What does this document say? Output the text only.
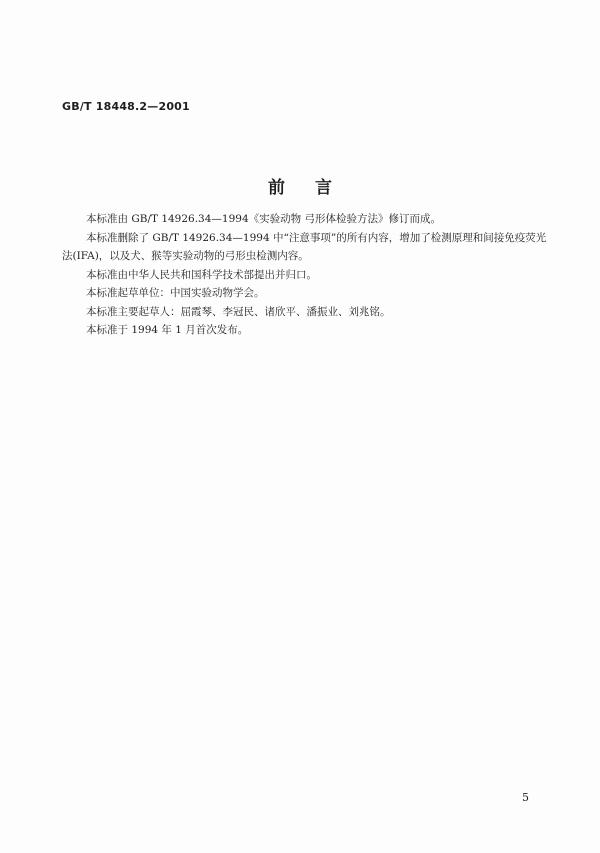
GB/T 18448.2—2001
前言

本标准由 GB/T 14926.34—1994《实验动物 弓形体检验方法》修订而成。

本标准删除了 GB/T 14926.34—1994 中“注意事项”的所有内容，增加了检测原理和间接免疫荧光法(IFA)，以及犬、猴等实验动物的弓形虫检测内容。

本标准由中华人民共和国科学技术部提出并归口。

本标准起草单位：中国实验动物学会。

本标准主要起草人：屈霞琴、李冠民、诸欣平、潘振业、刘兆铭。

本标准于 1994 年 1 月首次发布。

5
